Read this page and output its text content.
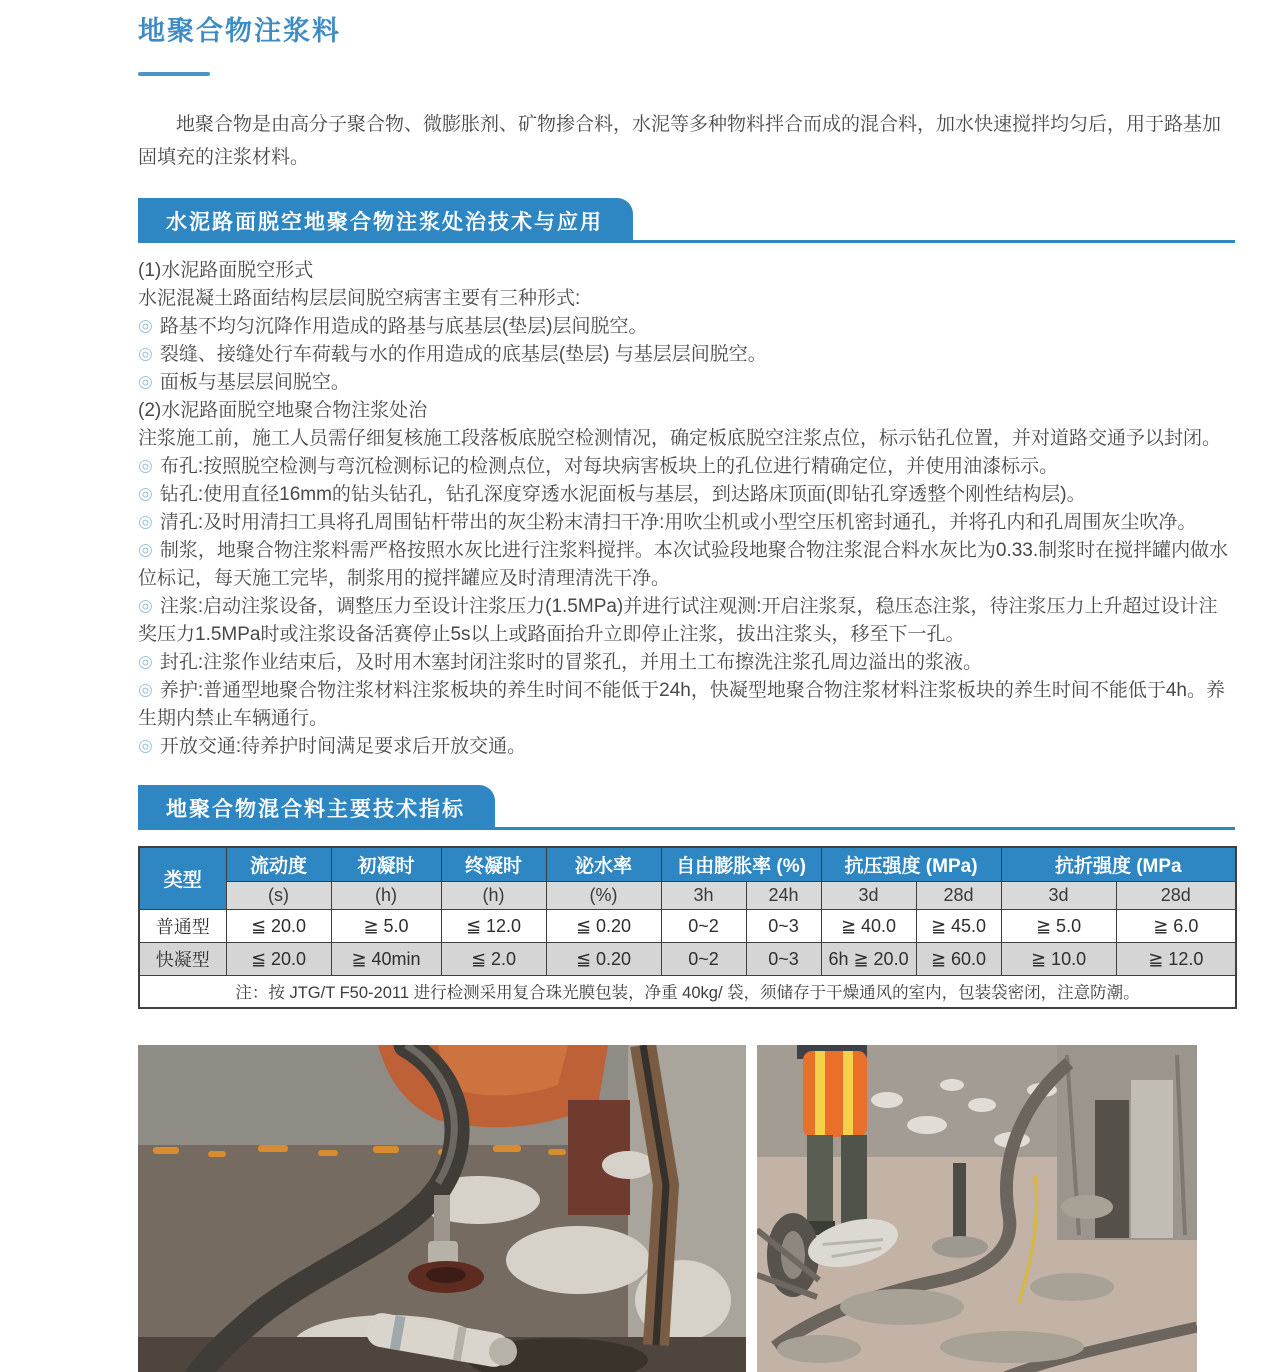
地聚合物注浆料

地聚合物是由高分子聚合物、微膨胀剂、矿物掺合料，水泥等多种物料拌合而成的混合料，加水快速搅拌均匀后，用于路基加固填充的注浆材料。

水泥路面脱空地聚合物注浆处治技术与应用

(1)水泥路面脱空形式

水泥混凝土路面结构层层间脱空病害主要有三种形式:

◎ 路基不均匀沉降作用造成的路基与底基层(垫层)层间脱空。

◎ 裂缝、接缝处行车荷载与水的作用造成的底基层(垫层) 与基层层间脱空。

◎ 面板与基层层间脱空。

(2)水泥路面脱空地聚合物注浆处治

注浆施工前，施工人员需仔细复核施工段落板底脱空检测情况，确定板底脱空注浆点位，标示钻孔位置，并对道路交通予以封闭。

◎ 布孔:按照脱空检测与弯沉检测标记的检测点位，对每块病害板块上的孔位进行精确定位，并使用油漆标示。

◎ 钻孔:使用直径16mm的钻头钻孔，钻孔深度穿透水泥面板与基层，到达路床顶面(即钻孔穿透整个刚性结构层)。

◎ 清孔:及时用清扫工具将孔周围钻杆带出的灰尘粉末清扫干净:用吹尘机或小型空压机密封通孔，并将孔内和孔周围灰尘吹净。

◎ 制浆，地聚合物注浆料需严格按照水灰比进行注浆料搅拌。本次试验段地聚合物注浆混合料水灰比为0.33.制浆时在搅拌罐内做水位标记，每天施工完毕，制浆用的搅拌罐应及时清理清洗干净。

◎ 注浆:启动注浆设备，调整压力至设计注浆压力(1.5MPa)并进行试注观测:开启注浆泵，稳压态注浆，待注浆压力上升超过设计注奖压力1.5MPa时或注浆设备活赛停止5s以上或路面抬升立即停止注浆，拔出注浆头，移至下一孔。

◎ 封孔:注浆作业结束后，及时用木塞封闭注浆时的冒浆孔，并用土工布擦洗注浆孔周边溢出的浆液。

◎ 养护:普通型地聚合物注浆材料注浆板块的养生时间不能低于24h，快凝型地聚合物注浆材料注浆板块的养生时间不能低于4h。养生期内禁止车辆通行。

◎ 开放交通:待养护时间满足要求后开放交通。

地聚合物混合料主要技术指标
类型	流动度	初凝时	终凝时	泌水率	自由膨胀率 (%)		抗压强度 (MPa)		抗折强度 (MPa	
	(s)	(h)	(h)	(%)	3h	24h	3d	28d	3d	28d
普通型	≦ 20.0	≧ 5.0	≦ 12.0	≦ 0.20	0~2	0~3	≧ 40.0	≧ 45.0	≧ 5.0	≧ 6.0
快凝型	≦ 20.0	≧ 40min	≦ 2.0	≦ 0.20	0~2	0~3	6h ≧ 20.0	≧ 60.0	≧ 10.0	≧ 12.0
注：按 JTG/T F50-2011 进行检测采用复合珠光膜包装，净重 40kg/ 袋，须储存于干燥通风的室内，包装袋密闭，注意防潮。										
